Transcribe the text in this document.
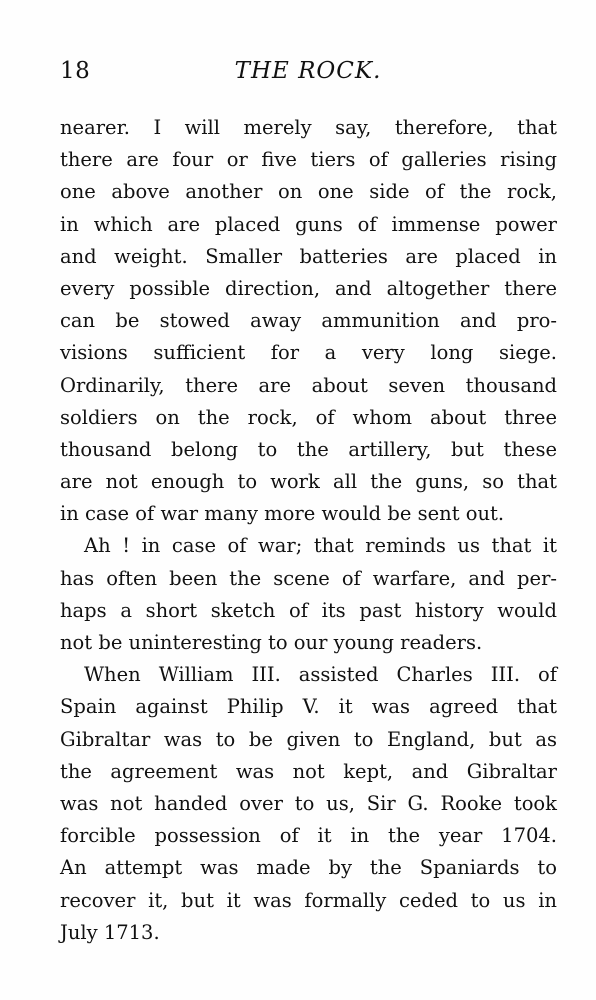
18	THE ROCK.
nearer. I will merely say, therefore, that
there are four or five tiers of galleries rising
one above another on one side of the rock,
in which are placed guns of immense power
and weight. Smaller batteries are placed in
every possible direction, and altogether there
can be stowed away ammunition and pro-
visions sufficient for a very long siege.
Ordinarily, there are about seven thousand
soldiers on the rock, of whom about three
thousand belong to the artillery, but these
are not enough to work all the guns, so that
in case of war many more would be sent out.
Ah ! in case of war; that reminds us that it
has often been the scene of warfare, and per-
haps a short sketch of its past history would
not be uninteresting to our young readers.
When William III. assisted Charles III. of
Spain against Philip V. it was agreed that
Gibraltar was to be given to England, but as
the agreement was not kept, and Gibraltar
was not handed over to us, Sir G. Rooke took
forcible possession of it in the year 1704.
An attempt was made by the Spaniards to
recover it, but it was formally ceded to us in
July 1713.
